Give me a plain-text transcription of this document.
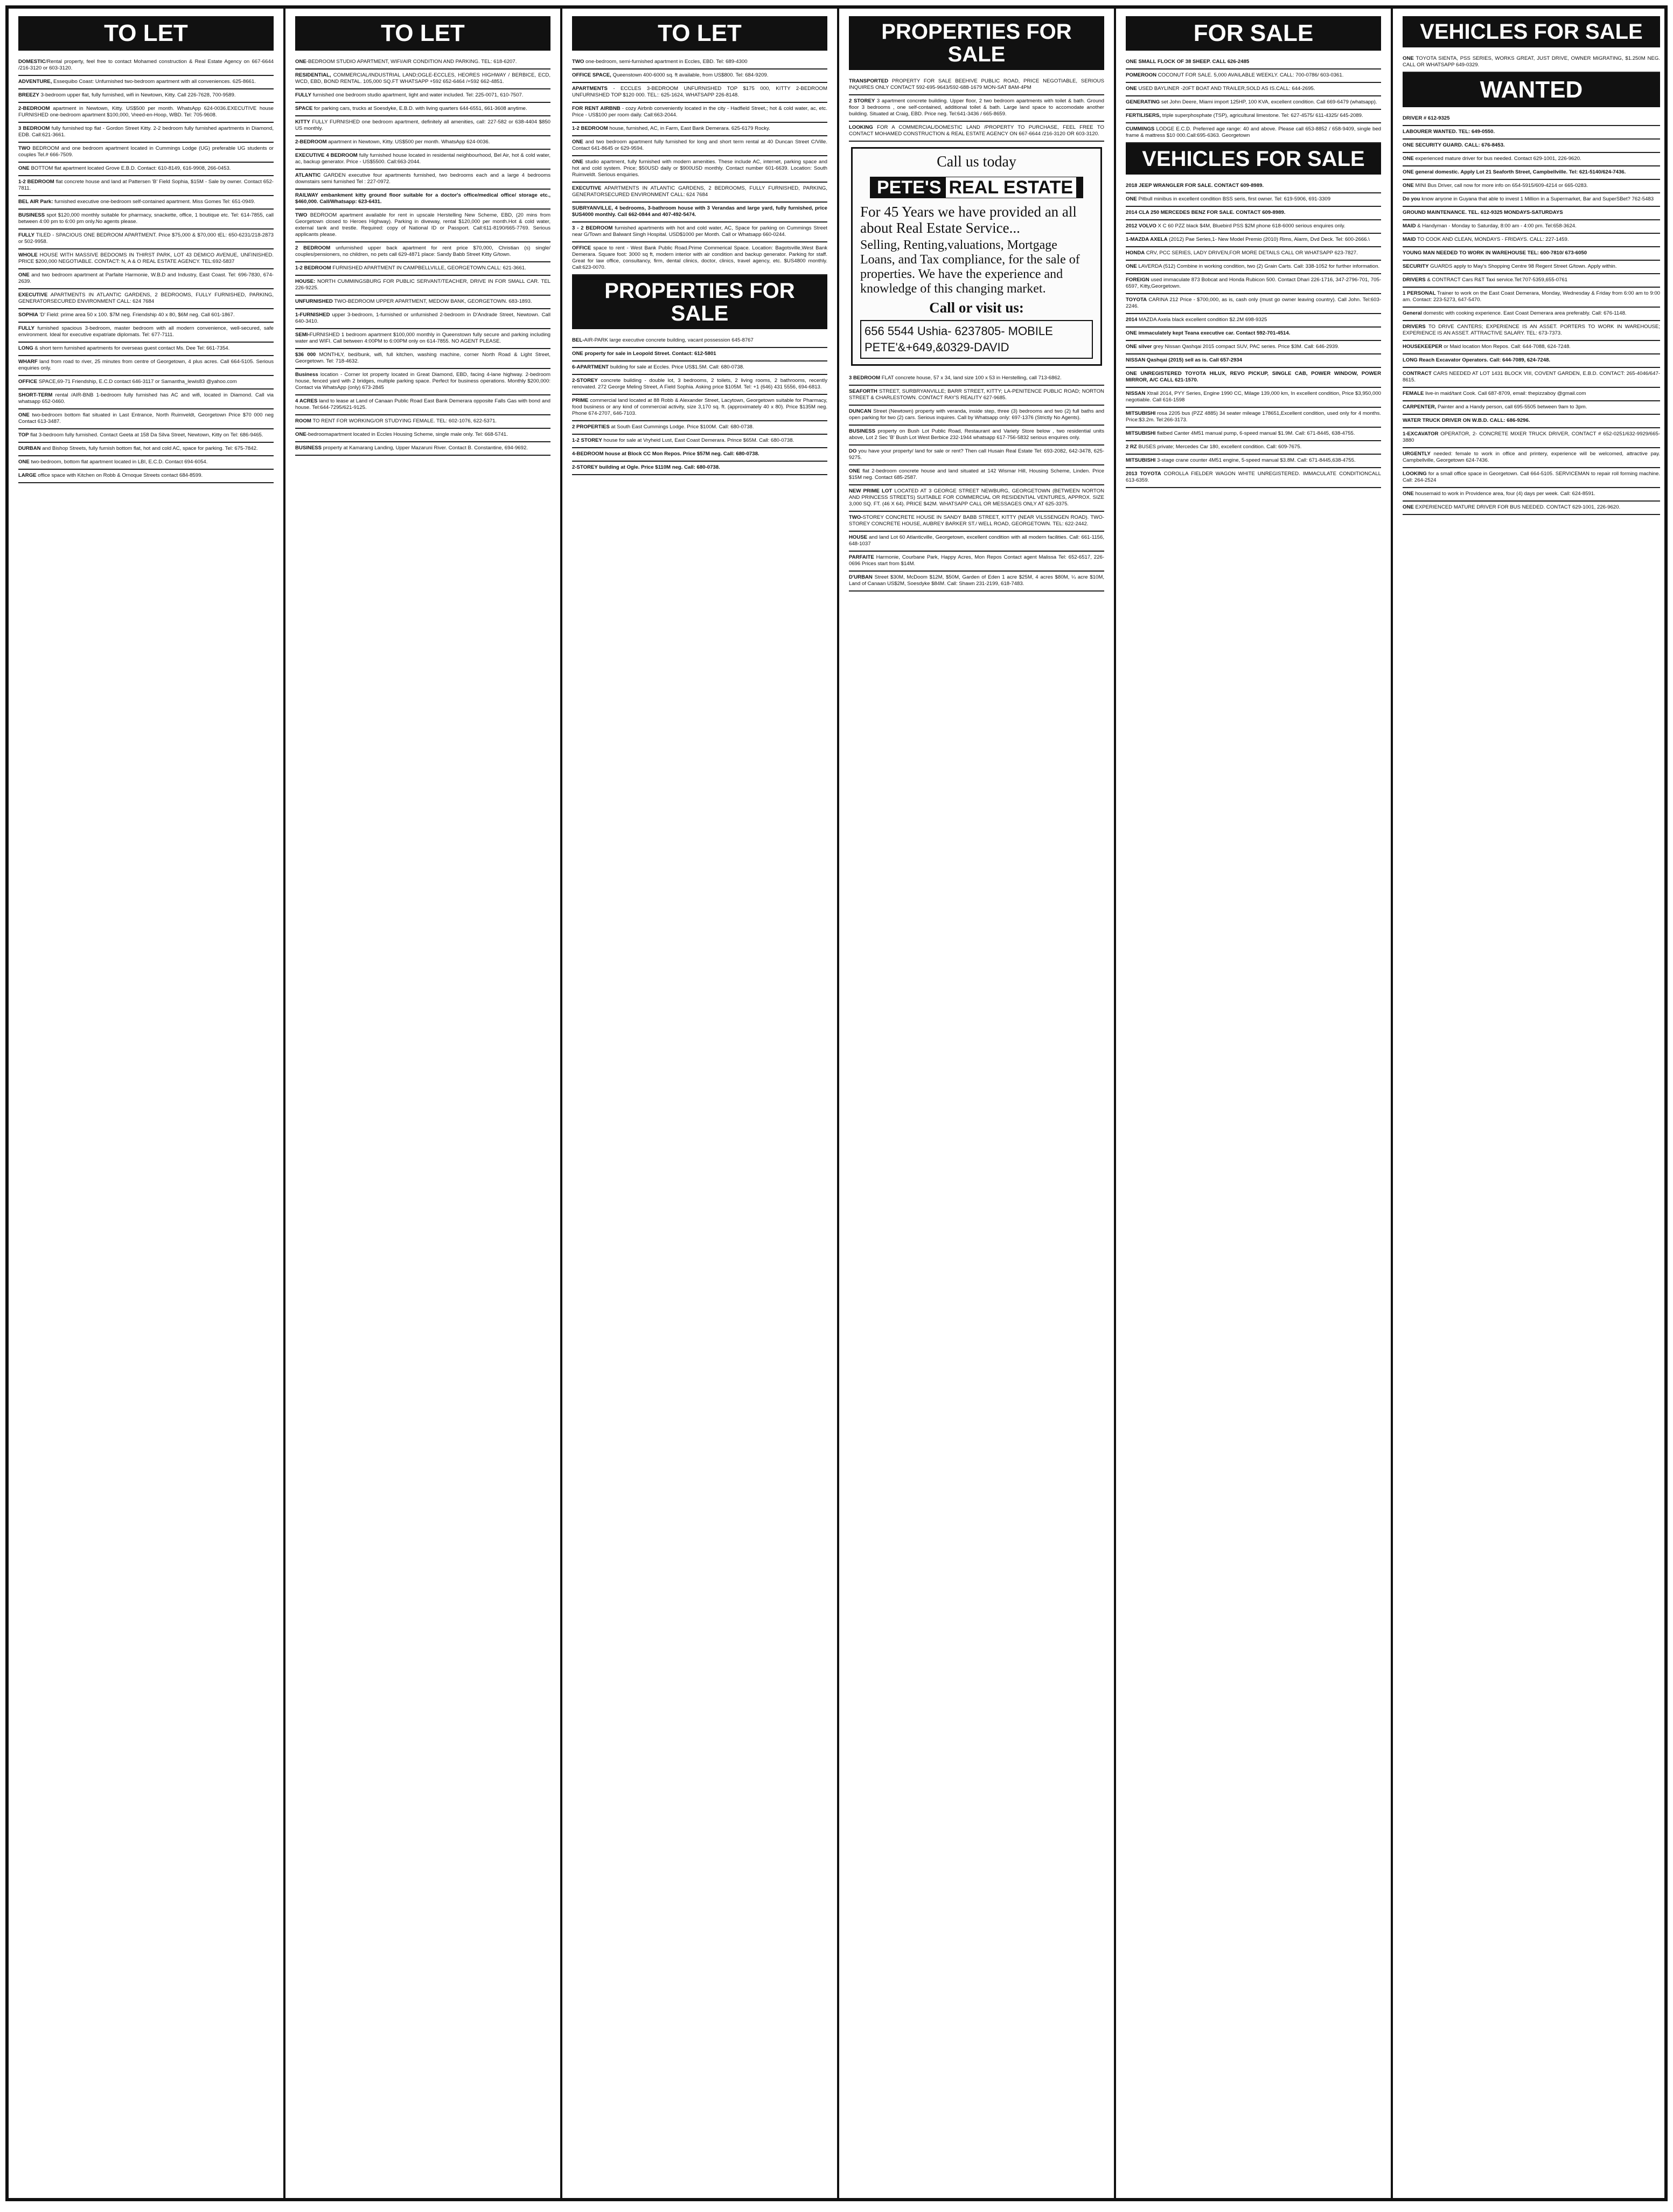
TO LET
DOMESTIC/Rental property, feel free to contact Mohamed construction & Real Estate Agency on 667-6644 /216-3120 or 603-3120.
ADVENTURE, Essequibo Coast: Unfurnished two-bedroom apartment with all conveniences. 625-8661.
BREEZY 3-bedroom upper flat, fully furnished, wifi in Newtown, Kitty. Call 226-7628, 700-9589.
2-BEDROOM apartment in Newtown, Kitty. US$500 per month. WhatsApp 624-0036.EXECUTIVE house FURNISHED one-bedroom apartment $100,000, Vreed-en-Hoop, WBD. Tel: 705-9608.
3 BEDROOM fully furnished top flat - Gordon Street Kitty. 2-2 bedroom fully furnished apartments in Diamond, EDB. Call:621-3661.
TWO BEDROOM and one bedroom apartment located in Cummings Lodge (UG) preferable UG students or couples Tel.# 666-7509.
ONE BOTTOM flat apartment located Grove E.B.D. Contact: 610-8149, 616-9908, 266-0453.
1-2 BEDROOM flat concrete house and land at Pattersen 'B' Field Sophia, $15M - Sale by owner. Contact 652-7811.
BEL AIR Park: furnished executive one-bedroom self-contained apartment. Miss Gomes Tel: 651-0949.
BUSINESS spot $120,000 monthly suitable for pharmacy, snackette, office, 1 boutique etc. Tel: 614-7855, call between 4:00 pm to 6:00 pm only.No agents please.
FULLY TILED - SPACIOUS ONE BEDROOM APARTMENT. Price $75,000 & $70,000 tEL: 650-6231/218-2873 or 502-9958.
WHOLE HOUSE WITH MASSIVE BEDOOMS IN THIRST PARK, LOT 43 DEMICO AVENUE, UNFINISHED. PRICE $200,000 NEGOTIABLE. CONTACT: N, A & O REAL ESTATE AGENCY. TEL:692-5837
ONE and two bedroom apartment at Parfaite Harmonie, W.B.D and Industry, East Coast. Tel: 696-7830, 674-2639.
EXECUTIVE APARTMENTS IN ATLANTIC GARDENS, 2 BEDROOMS, FULLY FURNISHED, PARKING, GENERATORSECURED ENVIRONMENT CALL: 624 7684
SOPHIA 'D' Field: prime area 50 x 100. $7M neg. Friendship 40 x 80, $6M neg. Call 601-1867.
FULLY furnished spacious 3-bedroom, master bedroom with all modern convenience, well-secured, safe environment. Ideal for executive expatriate diplomats. Tel: 677-7111.
LONG & short term furnished apartments for overseas guest contact Ms. Dee Tel: 661-7354.
WHARF land from road to river, 25 minutes from centre of Georgetown, 4 plus acres. Call 664-5105. Serious enquiries only.
OFFICE SPACE,69-71 Friendship, E.C.D contact 646-3117 or Samantha_lewis83 @yahoo.com
SHORT-TERM rental /AIR-BNB 1-bedroom fully furnished has AC and wifi, located in Diamond. Call via whatsapp 652-0460.
ONE two-bedroom bottom flat situated in Last Entrance, North Ruimveldt, Georgetown Price $70 000 neg Contact 613-3487.
TOP flat 3-bedroom fully furnished. Contact Geeta at 158 Da Silva Street, Newtown, Kitty on Tel: 686-9465.
DURBAN and Bishop Streets, fully furnish bottom flat, hot and cold AC, space for parking. Tel: 675-7842.
ONE two-bedroom, bottom flat apartment located in LBI, E.C.D. Contact 694-6054.
LARGE office space with Kitchen on Robb & Ornoque Streets contact 684-8599.
TO LET
ONE-BEDROOM STUDIO APARTMENT, WIFI/AIR CONDITION AND PARKING. TEL: 618-6207.
RESIDENTIAL, COMMERCIAL/INDUSTRIAL LAND;OGLE-ECCLES, HEORES HIGHWAY / BERBICE, ECD, WCD, EBD, BOND RENTAL. 105,000 SQ.FT WHATSAPP +592 652-6464 /+592 662-4851.
FULLY furnished one bedroom studio apartment, light and water included. Tel: 225-0071, 610-7507.
SPACE for parking cars, trucks at Soesdyke, E.B.D. with living quarters 644-6551, 661-3608 anytime.
KITTY FULLY FURNISHED one bedroom apartment, definitely all amenities, call: 227-582 or 638-4404 $850 US monthly.
2-BEDROOM apartment in Newtown, Kitty. US$500 per month. WhatsApp 624-0036.
EXECUTIVE 4 BEDROOM fully furnished house located in residental neighbourhood, Bel Air, hot & cold water, ac, backup generator. Price - US$5500. Call:663-2044.
ATLANTIC GARDEN executive four apartments furnished, two bedrooms each and a large 4 bedrooms downstairs semi furnished Tel : 227-0972.
RAILWAY embankment kitty ground floor suitable for a doctor's office/medical office/ storage etc., $460,000. Call/Whatsapp: 623-6431.
TWO BEDROOM apartment available for rent in upscale Herstelling New Scheme, EBD, (20 mins from Georgetown closed to Heroes Highway). Parking in diveway, rental $120,000 per month.Hot & cold water, external tank and trestle. Required: copy of National ID or Passport. Call:611-8190/665-7769. Serious applicants please.
2 BEDROOM unfurnished upper back apartment for rent price $70,000, Christian (s) single/ couples/pensioners, no children, no pets call 629-4871 place: Sandy Babb Street Kitty G/town.
1-2 BEDROOM FURNISHED APARTMENT IN CAMPBELLVILLE, GEORGETOWN.CALL: 621-3661.
HOUSE: NORTH CUMMINGSBURG FOR PUBLIC SERVANT/TEACHER, DRIVE IN FOR SMALL CAR. TEL 226-9225.
UNFURNISHED TWO-BEDROOM UPPER APARTMENT, MEDOW BANK, GEORGETOWN. 683-1893.
1-FURNISHED upper 3-bedroom, 1-furnished or unfurnished 2-bedroom in D'Andrade Street, Newtown. Call 640-3410.
SEMI-FURNISHED 1 bedroom apartment $100,000 monthly in Queenstown fully secure and parking including water and WIFI. Call between 4:00PM to 6:00PM only on 614-7855. NO AGENT PLEASE.
$36 000 MONTHLY, bed/bunk, wifi, full kitchen, washing machine, corner North Road & Light Street, Georgetown. Tel: 718-4632.
Business location - Corner lot property located in Great Diamond, EBD, facing 4-lane highway. 2-bedroom house, fenced yard with 2 bridges, multiple parking space. Perfect for business operations. Monthly $200,000: Contact via WhatsApp (only) 673-2845
4 ACRES land to lease at Land of Canaan Public Road East Bank Demerara opposite Falls Gas with bond and house. Tel:644-7295/621-9125.
ROOM TO RENT FOR WORKING/OR STUDYING FEMALE. TEL: 602-1076, 622-5371.
ONE-bedroomapartment located in Eccles Housing Scheme, single male only. Tel: 668-5741.
BUSINESS property at Kamarang Landing, Upper Mazaruni River. Contact B. Constantine, 694-9692.
TO LET
TWO one-bedroom, semi-furnished apartment in Eccles, EBD. Tel: 689-4300
OFFICE SPACE, Queenstown 400-6000 sq. ft available, from US$800. Tel: 684-9209.
APARTMENTS - ECCLES 3-BEDROOM UNFURNISHED TOP $175 000, KITTY 2-BEDROOM UNFURNISHED TOP $120 000. TEL:: 625-1624, WHATSAPP 226-8148.
FOR RENT AIRBNB - cozy Airbnb conveniently located in the city - Hadfield Street,; hot & cold water, ac, etc. Price - US$100 per room daily. Call:663-2044.
1-2 BEDROOM house, furnished, AC, in Farm, East Bank Demerara. 625-6179 Rocky.
ONE and two bedroom apartment fully furnished for long and short term rental at 40 Duncan Street C/Ville. Contact 641-8645 or 629-9594.
ONE studio apartment, fully furnished with modern amenities. These include AC, internet, parking space and hot and cold system. Price; $50USD daily or $900USD monthly. Contact number 601-6639. Location: South Ruimveldt. Serious enquiries.
EXECUTIVE APARTMENTS IN ATLANTIC GARDENS, 2 BEDROOMS, FULLY FURNISHED, PARKING, GENERATORSECURED ENVIRONMENT CALL: 624 7684
SUBRYANVILLE, 4 bedrooms, 3-bathroom house with 3 Verandas and large yard, fully furnished, price $US4000 monthly. Call 662-0844 and 407-492-5474.
3 - 2 BEDROOM furnished apartments with hot and cold water, AC, Space for parking on Cummings Street near G/Town and Balwant Singh Hospital. USD$1000 per Month. Call or Whatsapp 660-0244.
OFFICE space to rent - West Bank Public Road.Prime Commerical Space. Location: Bagotsville,West Bank Demerara. Square foot: 3000 sq ft, modern interior with air condition and backup generator. Parking for staff. Great for law office, consultancy, firm, dental clinics, doctor, clinics, travel agency, etc. $US4800 monthly. Call:623-0070.
PROPERTIES FOR SALE
BEL-AIR-PARK large executive concrete building, vacant possession 645-8767
ONE property for sale in Leopold Street. Contact: 612-5801
6-APARTMENT building for sale at Eccles. Price US$1.5M. Call: 680-0738.
2-STOREY concrete building - double lot, 3 bedrooms, 2 toilets, 2 living rooms, 2 bathrooms, recently renovated. 272 George Meling Street, A Field Sophia. Asking price $105M. Tel: +1 (646) 431 5556, 694-6813.
PRIME commercial land located at 88 Robb & Alexander Street, Lacytown, Georgetown suitable for Pharmacy, food business or any kind of commercial activity, size 3,170 sq. ft. (approximately 40 x 80). Price $135M neg. Phone 674-2707, 646-7103.
2 PROPERTIES at South East Cummings Lodge. Price $100M. Call: 680-0738.
1-2 STOREY house for sale at Vryheid Lust, East Coast Demerara. Prince $65M. Call: 680-0738.
4-BEDROOM house at Block CC Mon Repos. Price $57M neg. Call: 680-0738.
2-STOREY building at Ogle. Price $110M neg. Call: 680-0738.
PROPERTIES FOR SALE
TRANSPORTED PROPERTY FOR SALE BEEHIVE PUBLIC ROAD, PRICE NEGOTIABLE, SERIOUS INQUIRES ONLY CONTACT 592-695-9643/592-688-1679 MON-SAT 8AM-4PM
2 STOREY 3 apartment concrete building. Upper floor, 2 two bedroom apartments with toilet & bath. Ground floor 3 bedrooms , one self-contained, additional toilet & bath. Large land space to accomodate another building. Situated at Craig, EBD. Price neg. Tel:641-3436 / 665-8659.
LOOKING FOR A COMMERCIAL/DOMESTIC LAND /PROPERTY TO PURCHASE, FEEL FREE TO CONTACT MOHAMED CONSTRUCTION & REAL ESTATE AGENCY ON 667-6644 /216-3120 OR 603-3120.
Call us today
PETE'S REAL ESTATE
For 45 Years we have provided an all about Real Estate Service...
Selling, Renting,valuations, Mortgage Loans, and Tax compliance, for the sale of properties. We have the experience and knowledge of this changing market.
Call or visit us:
656 5544 Ushia- 6237805- MOBILE PETE'&+649,&0329-DAVID
3 BEDROOM FLAT concrete house, 57 x 34, land size 100 x 53 in Herstelling, call 713-6862.
SEAFORTH STREET, SURBRYANVILLE; BARR STREET, KITTY; LA-PENITENCE PUBLIC ROAD; NORTON STREET & CHARLESTOWN. CONTACT RAY'S REALITY 627-9685.
DUNCAN Street (Newtown) property with veranda, inside step, three (3) bedrooms and two (2) full baths and open parking for two (2) cars. Serious inquires. Call by Whatsapp only: 697-1376 (Strictly No Agents).
BUSINESS property on Bush Lot Public Road, Restaurant and Variety Store below , two residential units above, Lot 2 Sec 'B' Bush Lot West Berbice 232-1944 whatsapp 617-756-5832 serious enquires only.
DO you have your property/ land for sale or rent? Then call Husain Real Estate Tel: 693-2082, 642-3478, 625-9275.
ONE flat 2-bedroom concrete house and land situated at 142 Wismar Hill, Housing Scheme, Linden. Price $15M neg. Contact 685-2587.
NEW PRIME LOT LOCATED AT 3 GEORGE STREET NEWBURG, GEORGETOWN (BETWEEN NORTON AND PRINCESS STREETS) SUITABLE FOR COMMERCIAL OR RESIDENTIAL VENTURES, APPROX. SIZE 3,000 SQ. FT. (46 X 64). PRICE $42M. WHATSAPP CALL OR MESSAGES ONLY AT 625-3375.
TWO-STOREY CONCRETE HOUSE IN SANDY BABB STREET, KITTY (NEAR VILSSENGEN ROAD). TWO-STOREY CONCRETE HOUSE, AUBREY BARKER ST./ WELL ROAD, GEORGETOWN. TEL: 622-2442.
HOUSE and land Lot 60 Atlanticville, Georgetown, excellent condition with all modern facilities. Call: 661-1156, 648-1037
PARFAITE Harmonie, Courbane Park, Happy Acres, Mon Repos Contact agent Malissa Tel: 652-6517, 226-0696 Prices start from $14M.
D'URBAN Street $30M, McDoom $12M, $50M, Garden of Eden 1 acre $25M, 4 acres $80M, ¼ acre $10M, Land of Canaan US$2M, Soesdyke $84M. Call: Shawn 231-2199, 618-7483.
FOR SALE
ONE SMALL FLOCK OF 38 SHEEP. CALL 626-2485
POMEROON COCONUT FOR SALE. 5,000 AVAILABLE WEEKLY. CALL: 700-0786/ 603-0361.
ONE USED BAYLINER -20FT BOAT AND TRAILER,SOLD AS IS.CALL: 644-2695.
GENERATING set John Deere, Miami import 125HP, 100 KVA, excellent condition. Call 669-6479 (whatsapp).
FERTILISERS, triple superphosphate (TSP), agricultural limestone. Tel: 627-4575/ 611-4325/ 645-2089.
CUMMINGS LODGE E.C.D. Preferred age range: 40 and above. Please call 653-8852 / 658-9409, single bed frame & mattress $10 000.Call:695-6363. Georgetown
VEHICLES FOR SALE
2018 JEEP WRANGLER FOR SALE. CONTACT 609-8989.
ONE Pitbull minibus in excellent condition BSS seris, first owner. Tel: 619-5906, 691-3309
2014 CLA 250 MERCEDES BENZ FOR SALE. CONTACT 609-8989.
2012 VOLVO X C 60 PZZ black $4M, Bluebird PSS $2M phone 618-6000 serious enquires only.
1-MAZDA AXELA (2012) Pae Series,1- New Model Premio (2010) Rims, Alarm, Dvd Deck. Tel: 600-2666.\
HONDA CRV, PCC SERIES, LADY DRIVEN,FOR MORE DETAILS CALL OR WHATSAPP 623-7827.
ONE LAVERDA (512) Combine in working condition, two (2) Grain Carts. Call: 338-1052 for further information.
FOREIGN used immaculate 873 Bobcat and Honda Rubicon 500. Contact Dhari 226-1716, 347-2796-701, 705-6597, Kitty,Georgetown.
TOYOTA CARINA 212 Price - $700,000, as is, cash only (must go owner leaving country). Call John. Tel:603-2246.
2014 MAZDA Axela black excellent condition $2.2M 698-9325
ONE immaculately kept Teana executive car. Contact 592-701-4514.
ONE silver grey Nissan Qashqai 2015 compact SUV, PAC series. Price $3M. Call: 646-2939.
NISSAN Qashqai (2015) sell as is. Call 657-2934
ONE UNREGISTERED TOYOTA HILUX, REVO PICKUP, SINGLE CAB, POWER WINDOW, POWER MIRROR, A/C CALL 621-1570.
NISSAN Xtrail 2014, PYY Series, Engine 1990 CC, Milage 139,000 km, In excellent condition, Price $3,950,000 negotiable. Call 616-1598
MITSUBISHI rosa 2205 bus (PZZ 4885) 34 seater mileage 178651,Excellent condition, used only for 4 months. Price:$3.2m. Tel:266-3173.
MITSUBISHI flatbed Canter 4M51 manual pump, 6-speed manual $1.9M. Call: 671-8445, 638-4755.
2 RZ BUSES private; Mercedes Car 180, excellent condition. Call: 609-7675.
MITSUBISHI 3-stage crane counter 4M51 engine, 5-speed manual $3.8M. Call: 671-8445,638-4755.
2013 TOYOTA COROLLA FIELDER WAGON WHITE UNREGISTERED. IMMACULATE CONDITIONCALL 613-6359.
VEHICLES FOR SALE
ONE TOYOTA SIENTA, PSS SERIES, WORKS GREAT, JUST DRIVE, OWNER MIGRATING, $1.250M NEG. CALL OR WHATSAPP 649-0329.
WANTED
DRIVER # 612-9325
LABOURER WANTED. TEL: 649-0550.
ONE SECURITY GUARD. CALL: 676-8453.
ONE experienced mature driver for bus needed. Contact 629-1001, 226-9620.
ONE general domestic. Apply Lot 21 Seaforth Street, Campbellville. Tel: 621-5140/624-7436.
ONE MINI Bus Driver, call now for more info on 654-5915/609-4214 or 665-0283.
Do you know anyone in Guyana that able to invest 1 Million in a Supermarket, Bar and SuperSBet? 762-5483
GROUND MAINTENANCE. TEL. 612-9325 MONDAYS-SATURDAYS
MAID & Handyman - Monday to Saturday, 8:00 am - 4:00 pm. Tel:658-3624.
MAID TO COOK AND CLEAN, MONDAYS - FRIDAYS. CALL: 227-1459.
YOUNG MAN NEEDED TO WORK IN WAREHOUSE TEL: 600-7810/ 673-6050
SECURITY GUARDS apply to May's Shopping Centre 98 Regent Street G/town. Apply within.
DRIVERS & CONTRACT Cars R&T Taxi service.Tel:707-5359,655-0761
1 PERSONAL Trainer to work on the East Coast Demerara, Monday, Wednesday & Friday from 6:00 am to 9:00 am. Contact: 223-5273, 647-5470.
General domestic with cooking experience. East Coast Demerara area preferably. Call: 676-1148.
DRIVERS TO DRIVE CANTERS; EXPERIENCE IS AN ASSET. PORTERS TO WORK IN WAREHOUSE; EXPERIENCE IS AN ASSET. ATTRACTIVE SALARY. TEL: 673-7373.
HOUSEKEEPER or Maid location Mon Repos. Call: 644-7088, 624-7248.
LONG Reach Excavator Operators. Call: 644-7089, 624-7248.
CONTRACT CARS NEEDED AT LOT 1431 BLOCK VIII, COVENT GARDEN, E.B.D. CONTACT: 265-4046/647-8615.
FEMALE live-in maid/tant Cook. Call 687-8709, email: thepizzaboy @gmail.com
CARPENTER, Painter and a Handy person, call 695-5505 between 9am to 3pm.
WATER TRUCK DRIVER ON W.B.D. CALL: 686-9296.
1-EXCAVATOR OPERATOR, 2- CONCRETE MIXER TRUCK DRIVER, CONTACT # 652-0251/632-9929/665-3880
URGENTLY needed: female to work in office and printery, experience will be welcomed, attractive pay. Campbellville, Georgetown 624-7436.
LOOKING for a small office space in Georgetown. Call 664-5105. SERVICEMAN to repair roll forming machine. Call: 264-2524
ONE housemaid to work in Providence area, four (4) days per week. Call: 624-8591.
ONE EXPERIENCED MATURE DRIVER FOR BUS NEEDED. CONTACT 629-1001, 226-9620.
